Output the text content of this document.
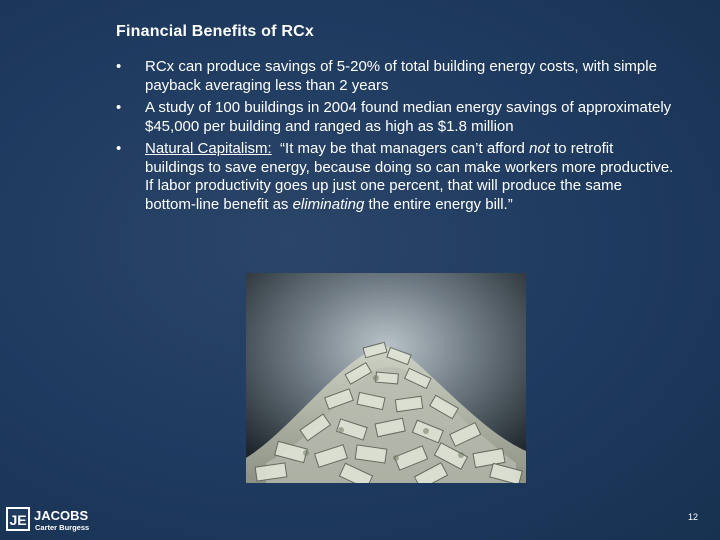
Financial Benefits of RCx
• RCx can produce savings of 5-20% of total building energy costs, with simple payback averaging less than 2 years
• A study of 100 buildings in 2004 found median energy savings of approximately $45,000 per building and ranged as high as $1.8 million
• Natural Capitalism:  “It may be that managers can’t afford not to retrofit buildings to save energy, because doing so can make workers more productive. If labor productivity goes up just one percent, that will produce the same bottom-line benefit as eliminating the entire energy bill.”
JE JACOBS
Carter Burgess
12
